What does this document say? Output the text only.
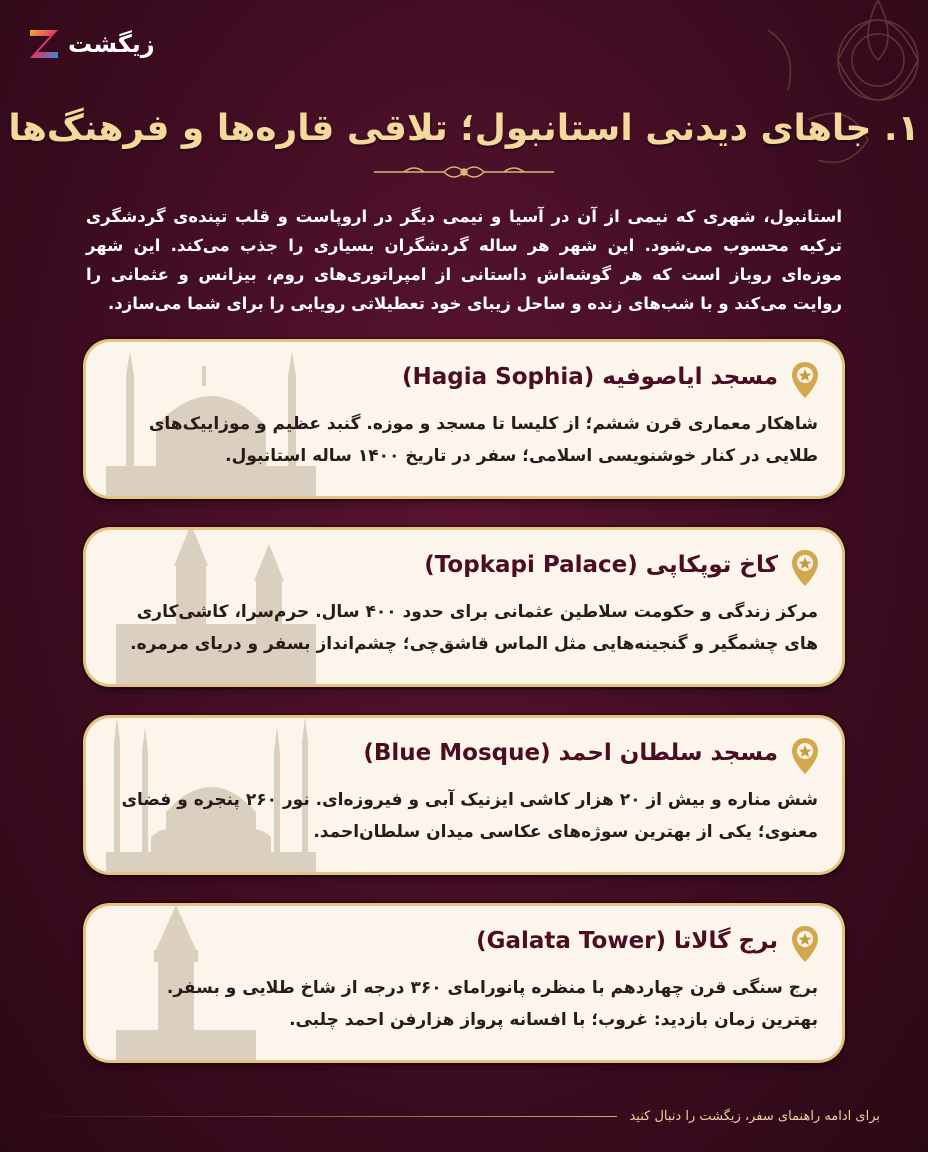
زیگشت
۱. جاهای دیدنی استانبول؛ تلاقی قاره‌ها و فرهنگ‌ها
استانبول، شهری که نیمی از آن در آسیا و نیمی دیگر در اروپاست و قلب تپنده‌ی گردشگری ترکیه محسوب می‌شود. این شهر هر ساله گردشگران بسیاری را جذب می‌کند. این شهر موزه‌ای روباز است که هر گوشه‌اش داستانی از امپراتوری‌های روم، بیزانس و عثمانی را روایت می‌کند و با شب‌های زنده و ساحل زیبای خود تعطیلاتی رویایی را برای شما می‌سازد.
مسجد ایاصوفیه (Hagia Sophia)
شاهکار معماری قرن ششم؛ از کلیسا تا مسجد و موزه. گنبد عظیم و موزاییک‌های طلایی در کنار خوشنویسی اسلامی؛ سفر در تاریخ ۱۴۰۰ ساله استانبول.
کاخ توپکاپی (Topkapi Palace)
مرکز زندگی و حکومت سلاطین عثمانی برای حدود ۴۰۰ سال. حرم‌سرا، کاشی‌کاری های چشمگیر و گنجینه‌هایی مثل الماس قاشق‌چی؛ چشم‌انداز بسفر و دریای مرمره.
مسجد سلطان احمد (Blue Mosque)
شش مناره و بیش از ۲۰ هزار کاشی ایزنیک آبی و فیروزه‌ای. نور ۲۶۰ پنجره و فضای معنوی؛ یکی از بهترین سوژه‌های عکاسی میدان سلطان‌احمد.
برج گالاتا (Galata Tower)
برج سنگی قرن چهاردهم با منظره پانورامای ۳۶۰ درجه از شاخ طلایی و بسفر. بهترین زمان بازدید: غروب؛ با افسانه پرواز هزارفن احمد چلبی.
برای ادامه راهنمای سفر، زیگشت را دنبال کنید
